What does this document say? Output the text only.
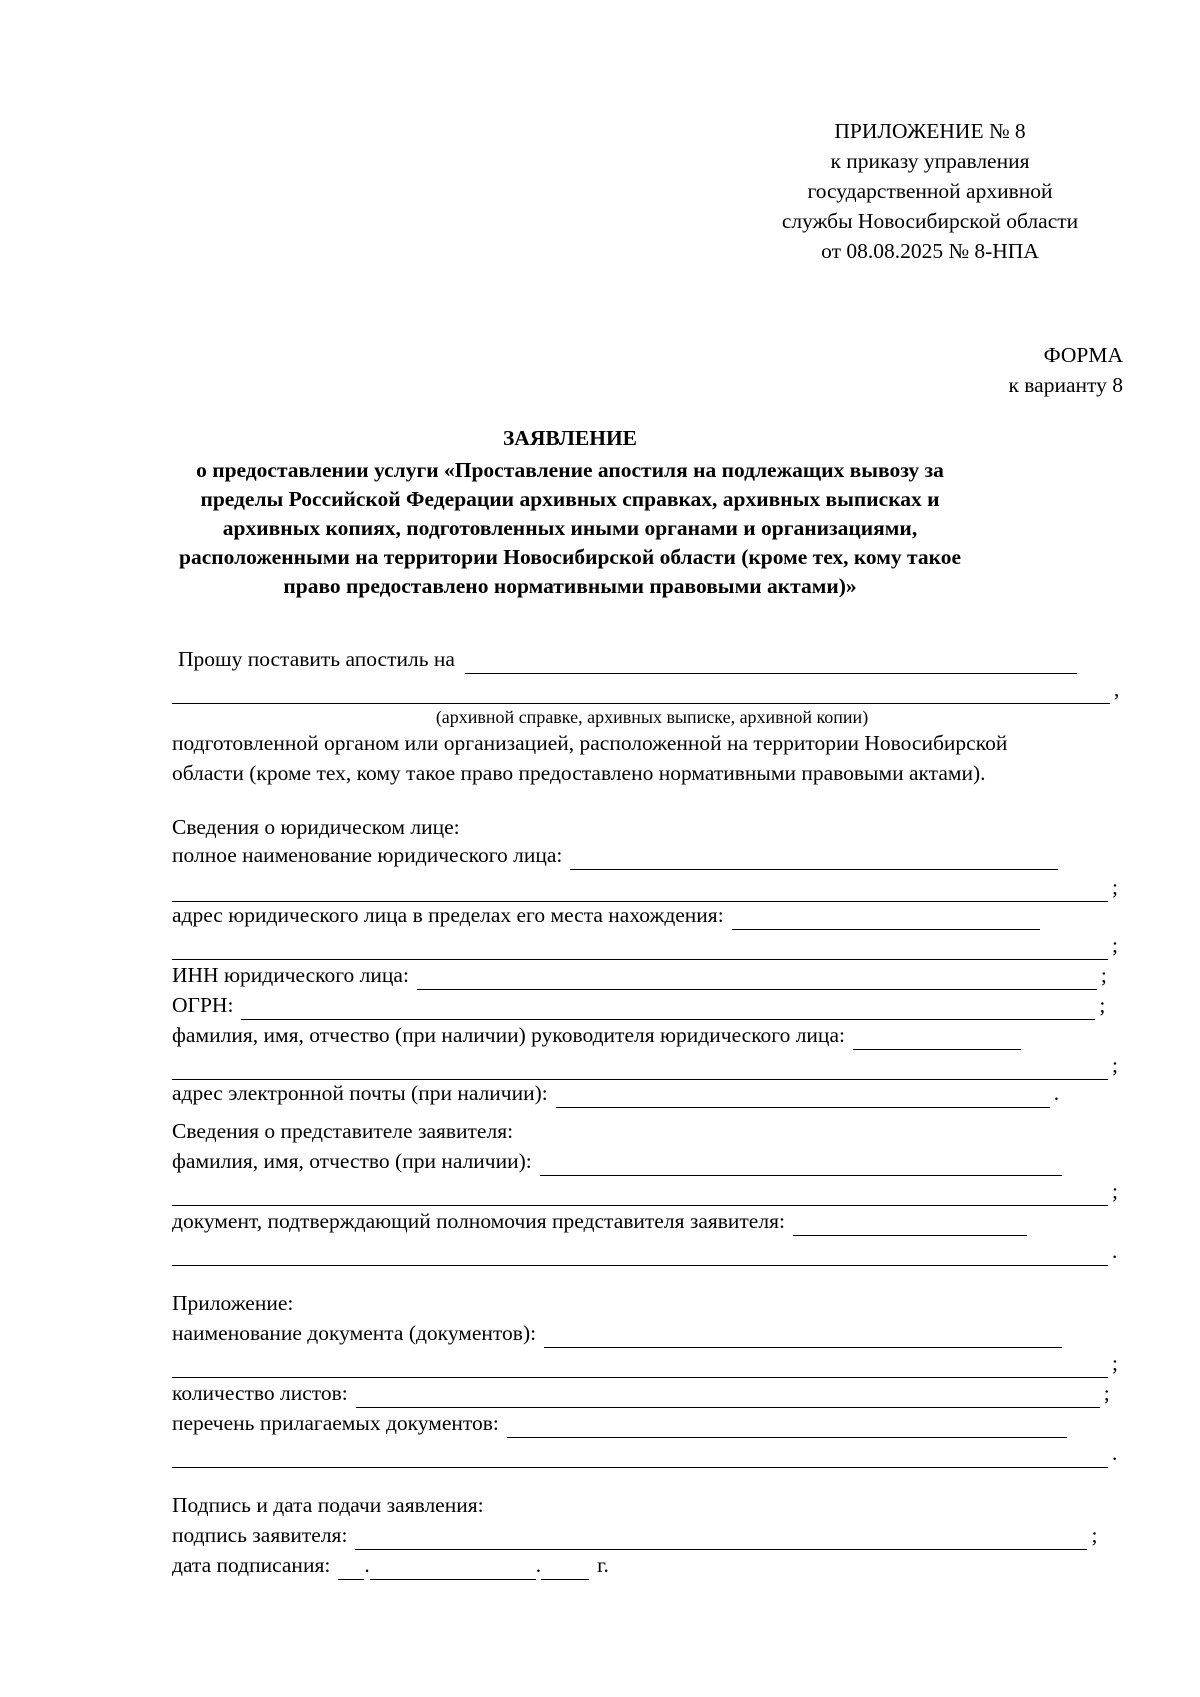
ПРИЛОЖЕНИЕ № 8
к приказу управления
государственной архивной
службы Новосибирской области
от 08.08.2025 № 8-НПА
ФОРМА
к варианту 8
ЗАЯВЛЕНИЕ
о предоставлении услуги «Проставление апостиля на подлежащих вывозу за
пределы Российской Федерации архивных справках, архивных выписках и
архивных копиях, подготовленных иными органами и организациями,
расположенными на территории Новосибирской области (кроме тех, кому такое
право предоставлено нормативными правовыми актами)»
Прошу поставить апостиль на
,
(архивной справке, архивных выписке, архивной копии)
подготовленной органом или организацией, расположенной на территории Новосибирской
области (кроме тех, кому такое право предоставлено нормативными правовыми актами).
Сведения о юридическом лице:
полное наименование юридического лица:
;
адрес юридического лица в пределах его места нахождения:
;
ИНН юридического лица:	;
ОГРН:	;
фамилия, имя, отчество (при наличии) руководителя юридического лица:
;
адрес электронной почты (при наличии):	.
Сведения о представителе заявителя:
фамилия, имя, отчество (при наличии):
;
документ, подтверждающий полномочия представителя заявителя:
.
Приложение:
наименование документа (документов):
;
количество листов:	;
перечень прилагаемых документов:
.
Подпись и дата подачи заявления:
подпись заявителя:	;
дата подписания: .	.	г.
